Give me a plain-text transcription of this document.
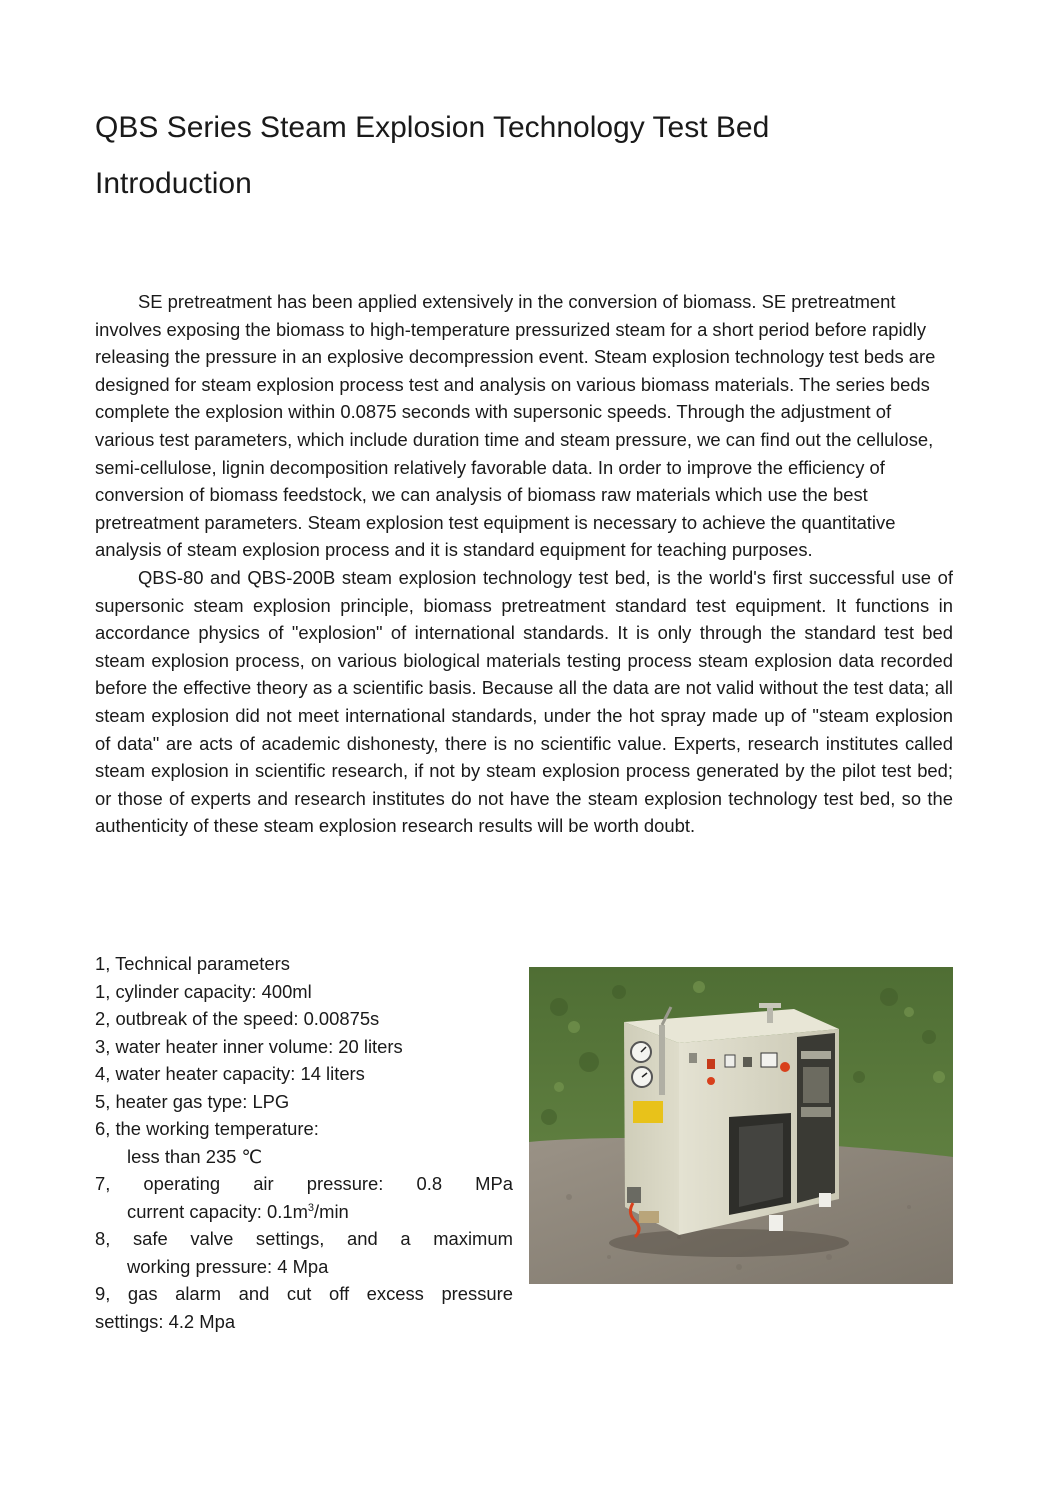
QBS Series Steam Explosion Technology Test Bed
Introduction

SE pretreatment has been applied extensively in the conversion of biomass. SE pretreatment involves exposing the biomass to high-temperature pressurized steam for a short period before rapidly releasing the pressure in an explosive decompression event. Steam explosion technology test beds are designed for steam explosion process test and analysis on various biomass materials. The series beds complete the explosion within 0.0875 seconds with supersonic speeds. Through the adjustment of various test parameters, which include duration time and steam pressure, we can find out the cellulose, semi-cellulose, lignin decomposition relatively favorable data. In order to improve the efficiency of conversion of biomass feedstock, we can analysis of biomass raw materials which use the best pretreatment parameters. Steam explosion test equipment is necessary to achieve the quantitative analysis of steam explosion process and it is standard equipment for teaching purposes.

QBS-80 and QBS-200B steam explosion technology test bed, is the world's first successful use of supersonic steam explosion principle, biomass pretreatment standard test equipment. It functions in accordance physics of "explosion" of international standards. It is only through the standard test bed steam explosion process, on various biological materials testing process steam explosion data recorded before the effective theory as a scientific basis. Because all the data are not valid without the test data; all steam explosion did not meet international standards, under the hot spray made up of "steam explosion of data" are acts of academic dishonesty, there is no scientific value. Experts, research institutes called steam explosion in scientific research, if not by steam explosion process generated by the pilot test bed; or those of experts and research institutes do not have the steam explosion technology test bed, so the authenticity of these steam explosion research results will be worth doubt.

1, Technical parameters
1, cylinder capacity: 400ml
2, outbreak of the speed: 0.00875s
3, water heater inner volume: 20 liters
4, water heater capacity: 14 liters
5, heater gas type: LPG
6, the working temperature:
less than 235 ℃
7, operating air pressure: 0.8 MPa
current capacity: $0.1m^3/\min$
8, safe valve settings, and a maximum
working pressure: 4 Mpa
9, gas alarm and cut off excess pressure
settings: 4.2 Mpa
